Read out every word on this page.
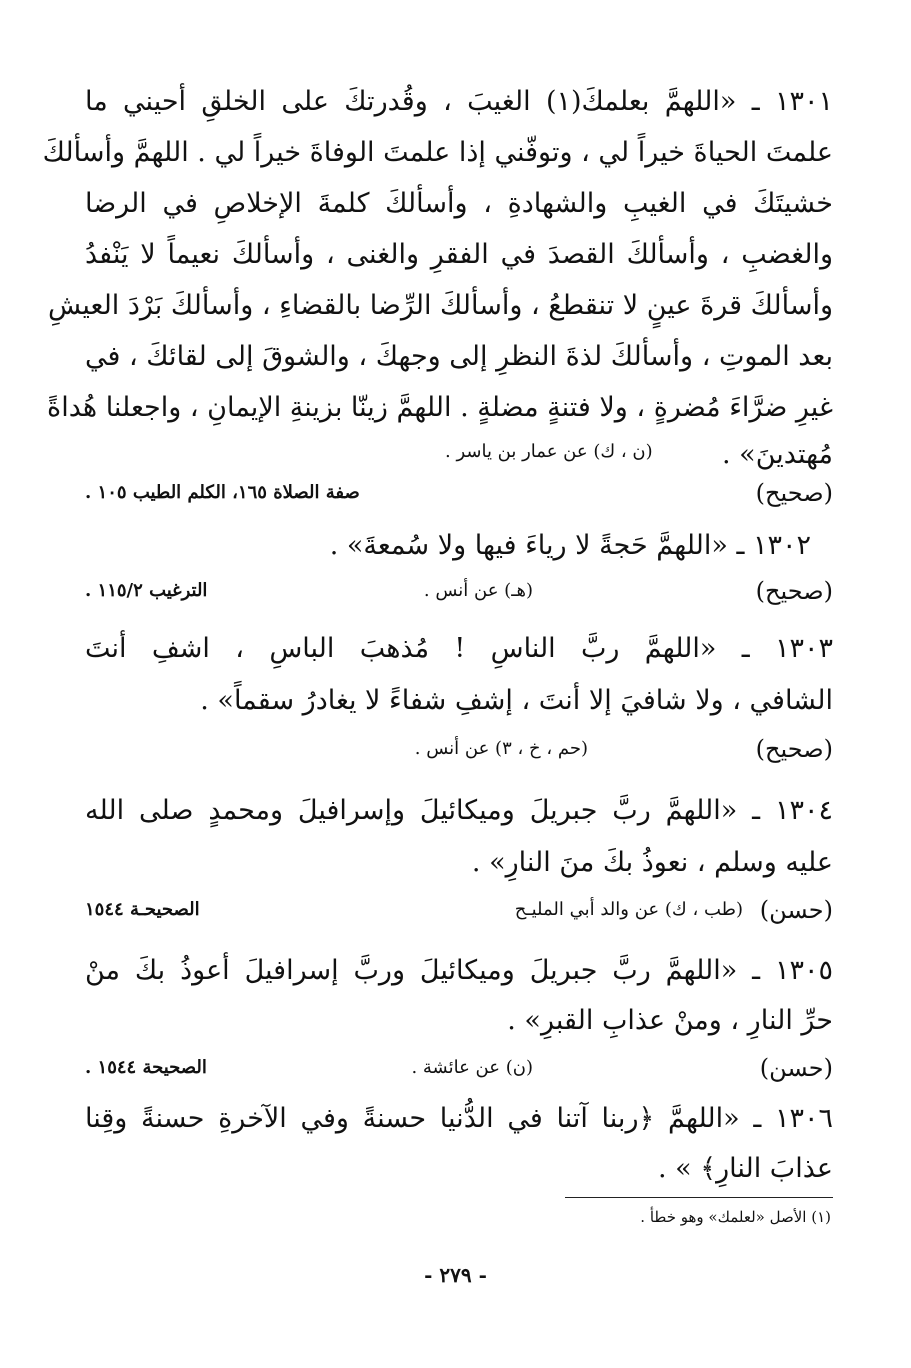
١٣٠١ ـ «اللهمَّ بعلمكَ(١) الغيبَ ، وقُدرتكَ على الخلقِ أحيني ما
علمتَ الحياةَ خيراً لي ، وتوفّني إذا علمتَ الوفاةَ خيراً لي . اللهمَّ وأسألكَ
خشيتَكَ في الغيبِ والشهادةِ ، وأسألكَ كلمةَ الإخلاصِ في الرضا
والغضبِ ، وأسألكَ القصدَ في الفقرِ والغنى ، وأسألكَ نعيماً لا يَنْفدُ
وأسألكَ قرةَ عينٍ لا تنقطعُ ، وأسألكَ الرِّضا بالقضاءِ ، وأسألكَ بَرْدَ العيشِ
بعد الموتِ ، وأسألكَ لذةَ النظرِ إلى وجهكَ ، والشوقَ إلى لقائكَ ، في
غيرِ ضرَّاءَ مُضرةٍ ، ولا فتنةٍ مضلةٍ . اللهمَّ زينّا بزينةِ الإيمانِ ، واجعلنا هُداةً
مُهتدينَ» .
(ن ، ك) عن عمار بن ياسر .
( صحيح )
صفة الصلاة ١٦٥، الكلم الطيب ١٠٥ .
١٣٠٢ ـ «اللهمَّ حَجةً لا رياءَ فيها ولا سُمعةَ» .
( صحيح )
(هـ) عن أنس .
الترغيب ١١٥/٢ .
١٣٠٣ ـ «اللهمَّ ربَّ الناسِ ! مُذهبَ الباسِ ، اشفِ أنتَ
الشافي ، ولا شافيَ إلا أنتَ ، إشفِ شفاءً لا يغادرُ سقماً» .
( صحيح )
(حم ، خ ، ٣) عن أنس .
١٣٠٤ ـ «اللهمَّ ربَّ جبريلَ وميكائيلَ وإسرافيلَ ومحمدٍ صلى الله
عليه وسلم ، نعوذُ بكَ منَ النارِ» .
( حسن )
(طب ، ك) عن والد أبي المليـح
الصحيحـة ١٥٤٤
١٣٠٥ ـ «اللهمَّ ربَّ جبريلَ وميكائيلَ وربَّ إسرافيلَ أعوذُ بكَ منْ
حرِّ النارِ ، ومنْ عذابِ القبرِ» .
( حسن )
(ن) عن عائشة .
الصحيحة ١٥٤٤ .
١٣٠٦ ـ «اللهمَّ ﴿ربنا آتنا في الدُّنيا حسنةً وفي الآخرةِ حسنةً وقِنا
عذابَ النارِ﴾ » .
(١) الأصل «لعلمك» وهو خطأ .
- ٢٧٩ -
